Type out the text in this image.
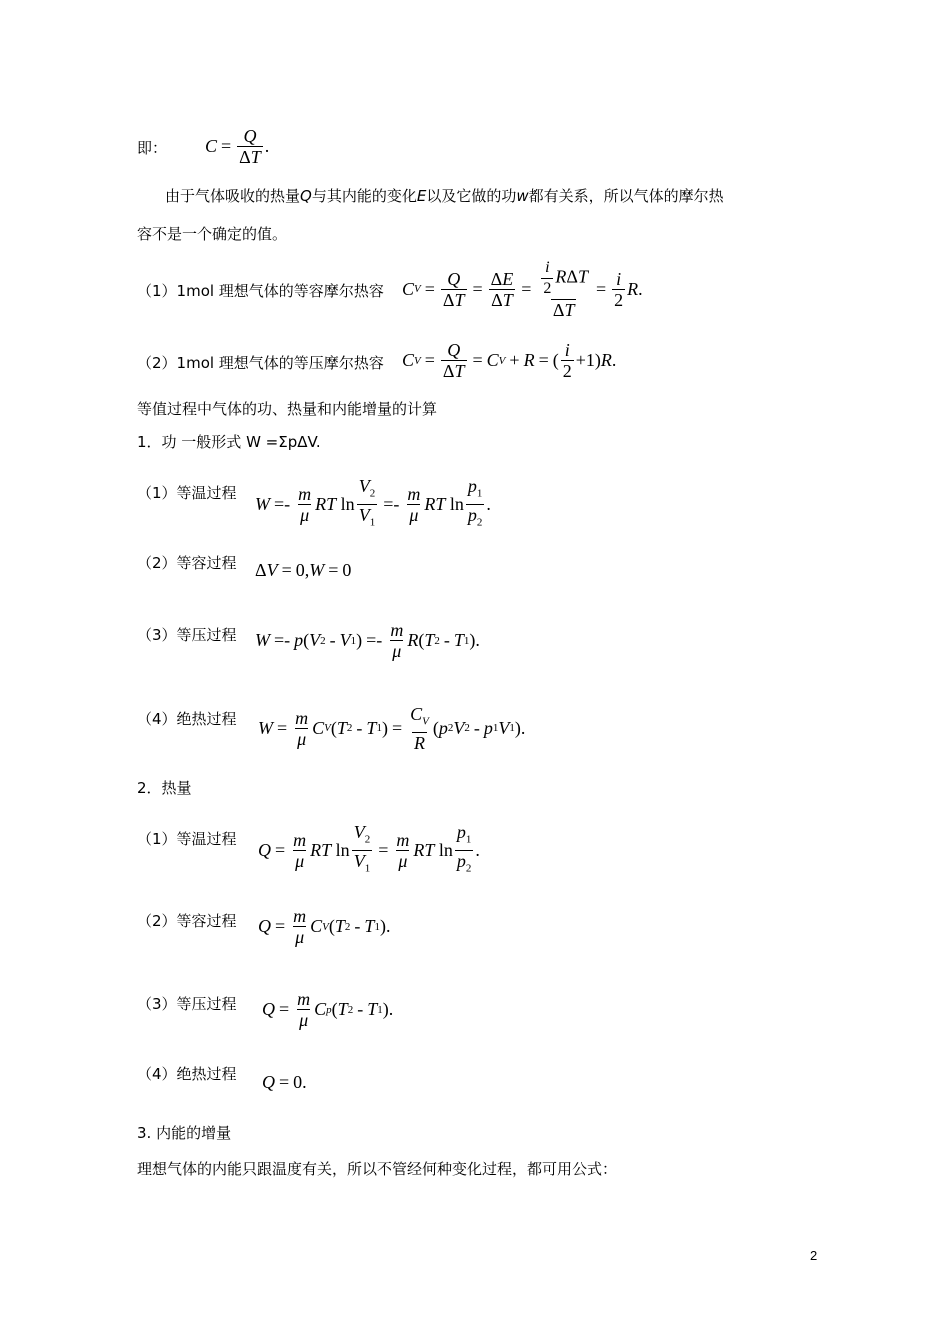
即： $C = \frac{Q}{\Delta T}$ .
由于气体吸收的热量Q与其内能的变化E以及它做的功w都有关系，所以气体的摩尔热
容不是一个确定的值。
（1）1mol 理想气体的等容摩尔热容 C $V = \frac{Q}{\Delta T} = \frac{\Delta E}{\Delta T} = \frac{\frac{i}{2} R\Delta T}{\Delta T} = \frac{i}{2}$ R .
（2）1mol 理想气体的等压摩尔热容 C $V = \frac{Q}{\Delta T} = C$ V + R = ( $\frac{i}{2} +1$) R .
等值过程中气体的功、热量和内能增量的计算
1．功 一般形式 W =ΣpΔV.
（1）等温过程
$W =- \frac{m}{\mu}$ RT $\ln \frac{V_2}{V_1} =- \frac{m}{\mu}$ RT $\ln \frac{p_1}{p_2}$ .
（2）等容过程 Δ V = 0, W = 0
（3）等压过程 W =- p ( V 2 - V 1 ) =- $\frac{m}{\mu}$ R ( T 2 - T 1 ) .
（4）绝热过程 $W = \frac{m}{\mu}$ C V ( T 2 - T 1 ) = $\frac{C_V}{R}$ ( p 2 V 2 - p 1 V 1 ) .
2．热量
（1）等温过程
$Q = \frac{m}{\mu}$ RT $\ln \frac{V_2}{V_1} = \frac{m}{\mu}$ RT $\ln \frac{p_1}{p_2}$ .
（2）等容过程 $Q = \frac{m}{\mu}$ C V ( T 2 - T 1 ) .
（3）等压过程 $Q = \frac{m}{\mu}$ C p ( T 2 - T 1 ) .
（4）绝热过程 Q = 0 .
3. 内能的增量
理想气体的内能只跟温度有关，所以不管经何种变化过程，都可用公式：
2
